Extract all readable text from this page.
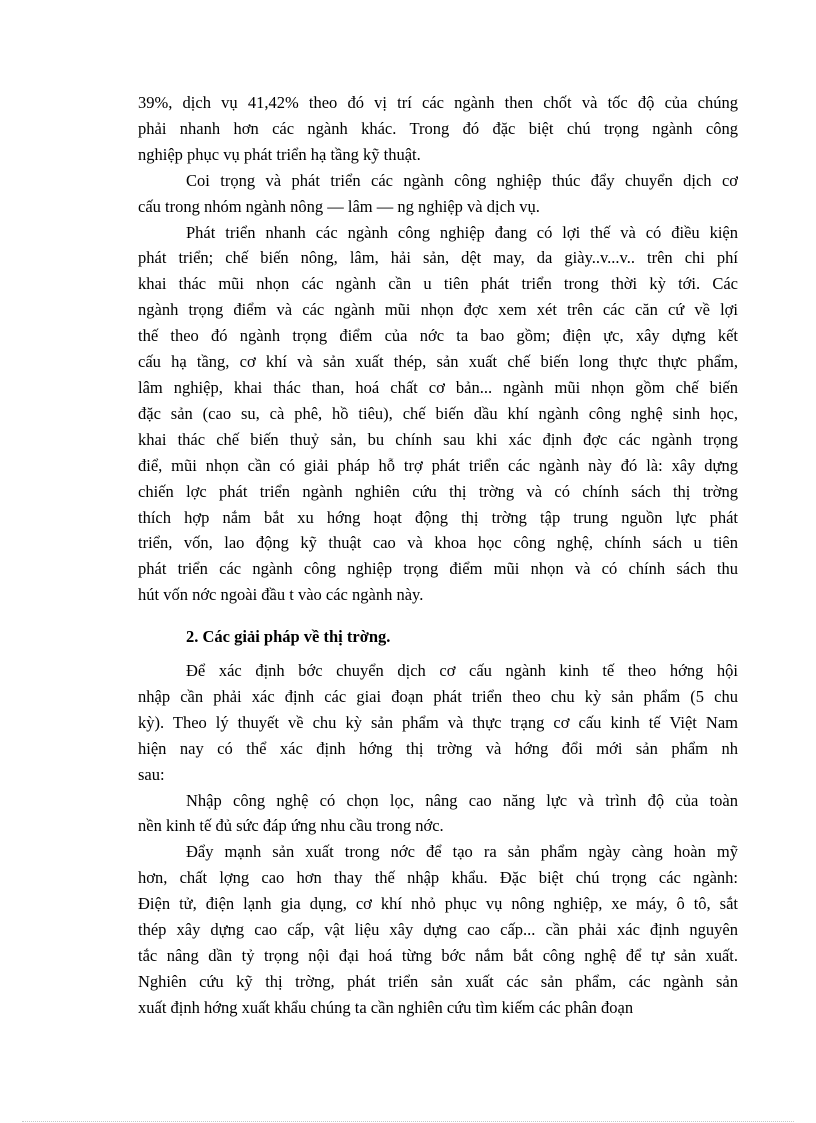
39%, dịch vụ 41,42% theo đó vị trí các ngành then chốt và tốc độ của chúng
phải nhanh hơn các ngành khác. Trong đó đặc biệt chú trọng ngành công
nghiệp phục vụ phát triển hạ tầng kỹ thuật.
Coi trọng và phát triển các ngành công nghiệp thúc đẩy chuyển dịch cơ
cấu trong nhóm ngành nông — lâm — ng nghiệp và dịch vụ.
Phát triển nhanh các ngành công nghiệp đang có lợi thế và có điều kiện
phát triển; chế biến nông, lâm, hải sản, dệt may, da giày..v...v.. trên chi phí
khai thác mũi nhọn các ngành cần u tiên phát triển trong thời kỳ tới. Các
ngành trọng điểm và các ngành mũi nhọn đợc xem xét trên các căn cứ về lợi
thế theo đó ngành trọng điểm của nớc ta bao gồm; điện ực, xây dựng kết
cấu hạ tầng, cơ khí và sản xuất thép, sản xuất chế biến long thực thực phẩm,
lâm nghiệp, khai thác than, hoá chất cơ bản... ngành mũi nhọn gồm chế biến
đặc sản (cao su, cà phê, hồ tiêu), chế biến dầu khí ngành công nghệ sinh học,
khai thác chế biến thuỷ sản, bu chính sau khi xác định đợc các ngành trọng
điể, mũi nhọn cần có giải pháp hỗ trợ phát triển các ngành này đó là: xây dựng
chiến lợc phát triển ngành nghiên cứu thị trờng và có chính sách thị trờng
thích hợp nắm bắt xu hớng hoạt động thị trờng tập trung nguồn lực phát
triển, vốn, lao động kỹ thuật cao và khoa học công nghệ, chính sách u tiên
phát triển các ngành công nghiệp trọng điểm mũi nhọn và có chính sách thu
hút vốn nớc ngoài đầu t vào các ngành này.
2. Các giải pháp về thị trờng.
Để xác định bớc chuyển dịch cơ cấu ngành kinh tế theo hớng hội
nhập cần phải xác định các giai đoạn phát triển theo chu kỳ sản phẩm (5 chu
kỳ). Theo lý thuyết về chu kỳ sản phẩm và thực trạng cơ cấu kinh tế Việt Nam
hiện nay có thể xác định hớng thị trờng và hớng đổi mới sản phẩm nh
sau:
Nhập công nghệ có chọn lọc, nâng cao năng lực và trình độ của toàn
nền kinh tế đủ sức đáp ứng nhu cầu trong nớc.
Đẩy mạnh sản xuất trong nớc để tạo ra sản phẩm ngày càng hoàn mỹ
hơn, chất lợng cao hơn thay thế nhập khẩu. Đặc biệt chú trọng các ngành:
Điện tử, điện lạnh gia dụng, cơ khí nhỏ phục vụ nông nghiệp, xe máy, ô tô, sắt
thép xây dựng cao cấp, vật liệu xây dựng cao cấp... cần phải xác định nguyên
tắc nâng dần tỷ trọng nội đại hoá từng bớc nắm bắt công nghệ để tự sản xuất.
Nghiên cứu kỹ thị trờng, phát triển sản xuất các sản phẩm, các ngành sản
xuất định hớng xuất khẩu chúng ta cần nghiên cứu tìm kiếm các phân đoạn
